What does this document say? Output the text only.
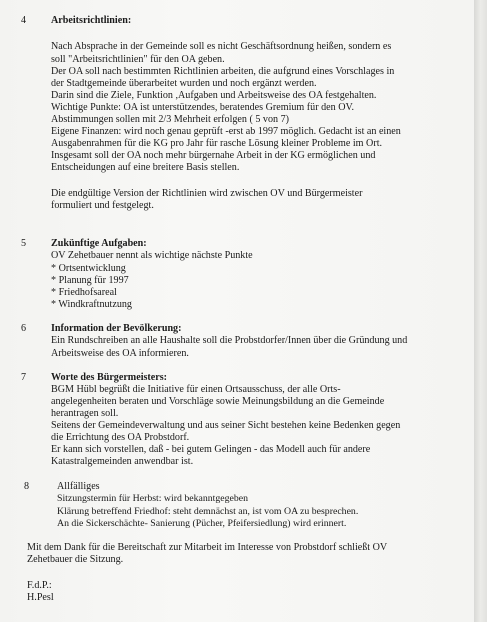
4 Arbeitsrichtlinien:
Nach Absprache in der Gemeinde soll es nicht Geschäftsordnung heißen, sondern es
soll "Arbeitsrichtlinien" für den OA geben.
Der OA soll nach bestimmten Richtlinien arbeiten, die aufgrund eines Vorschlages in
der Stadtgemeinde überarbeitet wurden und noch ergänzt werden.
Darin sind die Ziele, Funktion ,Aufgaben und Arbeitsweise des OA festgehalten.
Wichtige Punkte: OA ist unterstützendes, beratendes Gremium für den OV.
Abstimmungen sollen mit 2/3 Mehrheit erfolgen ( 5 von 7)
Eigene Finanzen: wird noch genau geprüft -erst ab 1997 möglich. Gedacht ist an einen
Ausgabenrahmen für die KG pro Jahr für rasche Lösung kleiner Probleme im Ort.
Insgesamt soll der OA noch mehr bürgernahe Arbeit in der KG ermöglichen und
Entscheidungen auf eine breitere Basis stellen.
Die endgültige Version der Richtlinien wird zwischen OV und Bürgermeister
formuliert und festgelegt.
5 Zukünftige Aufgaben:
OV Zehetbauer nennt als wichtige nächste Punkte
* Ortsentwicklung
* Planung für 1997
* Friedhofsareal
* Windkraftnutzung
6 Information der Bevölkerung:
Ein Rundschreiben an alle Haushalte soll die Probstdorfer/Innen über die Gründung und
Arbeitsweise des OA informieren.
7 Worte des Bürgermeisters:
BGM Hübl begrüßt die Initiative für einen Ortsausschuss, der alle Orts-
angelegenheiten beraten und Vorschläge sowie Meinungsbildung an die Gemeinde
herantragen soll.
Seitens der Gemeindeverwaltung und aus seiner Sicht bestehen keine Bedenken gegen
die Errichtung des OA Probstdorf.
Er kann sich vorstellen, daß - bei gutem Gelingen - das Modell auch für andere
Katastralgemeinden anwendbar ist.
8	Allfälliges
Sitzungstermin für Herbst: wird bekanntgegeben
Klärung betreffend Friedhof: steht demnächst an, ist vom OA zu besprechen.
An die Sickerschächte- Sanierung (Pücher, Pfeifersiedlung) wird erinnert.
Mit dem Dank für die Bereitschaft zur Mitarbeit im Interesse von Probstdorf schließt OV
Zehetbauer die Sitzung.
F.d.P.:
H.Pesl
